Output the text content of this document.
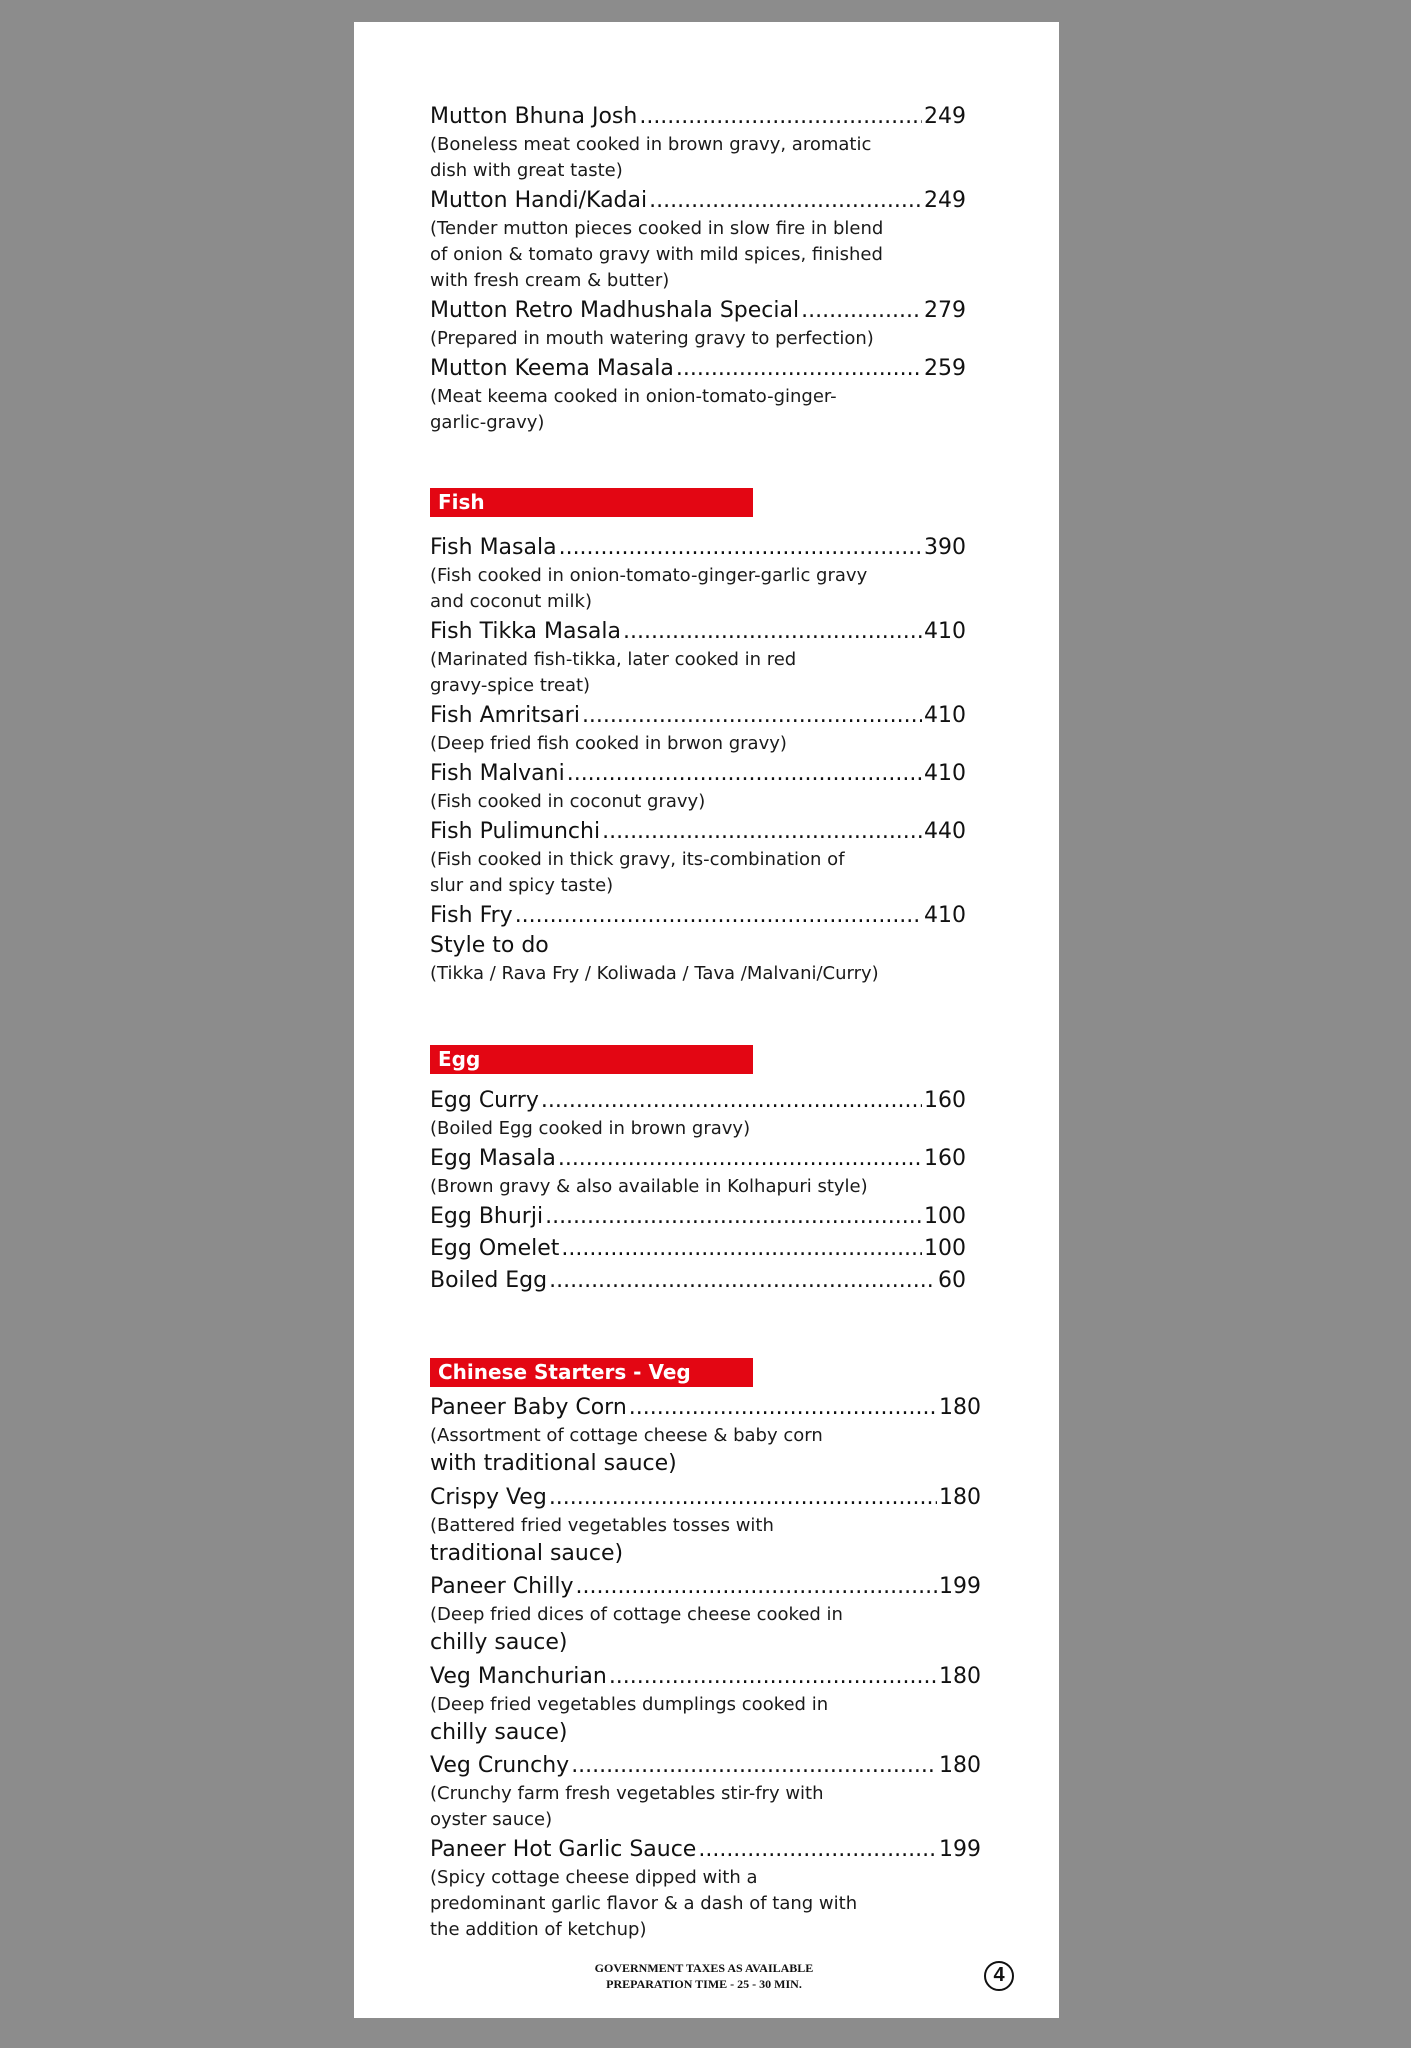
Mutton Bhuna Josh .....	249
(Boneless meat cooked in brown gravy, aromatic dish with great taste)
Mutton Handi/Kadai .....	249
(Tender mutton pieces cooked in slow fire in blend of onion & tomato gravy with mild spices, finished with fresh cream & butter)
Mutton Retro Madhushala Special .....	279
(Prepared in mouth watering gravy to perfection)
Mutton Keema Masala .....	259
(Meat keema cooked in onion-tomato-ginger-garlic-gravy)
Fish
Fish Masala .....	390
(Fish cooked in onion-tomato-ginger-garlic gravy and coconut milk)
Fish Tikka Masala .....	410
(Marinated fish-tikka, later cooked in red gravy-spice treat)
Fish Amritsari .....	410
(Deep fried fish cooked in brwon gravy)
Fish Malvani .....	410
(Fish cooked in coconut gravy)
Fish Pulimunchi .....	440
(Fish cooked in thick gravy, its-combination of slur and spicy taste)
Fish Fry .....	410
Style to do
(Tikka / Rava Fry / Koliwada / Tava /Malvani/Curry)
Egg
Egg Curry .....	160
(Boiled Egg cooked in brown gravy)
Egg Masala .....	160
(Brown gravy & also available in Kolhapuri style)
Egg Bhurji .....	100
Egg Omelet .....	100
Boiled Egg .....	60
Chinese Starters - Veg
Paneer Baby Corn .....	180
(Assortment of cottage cheese & baby corn
with traditional sauce)
Crispy Veg .....	180
(Battered fried vegetables tosses with
traditional sauce)
Paneer Chilly .....	199
(Deep fried dices of cottage cheese cooked in
chilly sauce)
Veg Manchurian .....	180
(Deep fried vegetables dumplings cooked in
chilly sauce)
Veg Crunchy .....	180
(Crunchy farm fresh vegetables stir-fry with oyster sauce)
Paneer Hot Garlic Sauce .....	199
(Spicy cottage cheese dipped with a predominant garlic flavor & a dash of tang with the addition of ketchup)
GOVERNMENT TAXES AS AVAILABLE
PREPARATION TIME - 25 - 30 MIN.	4
